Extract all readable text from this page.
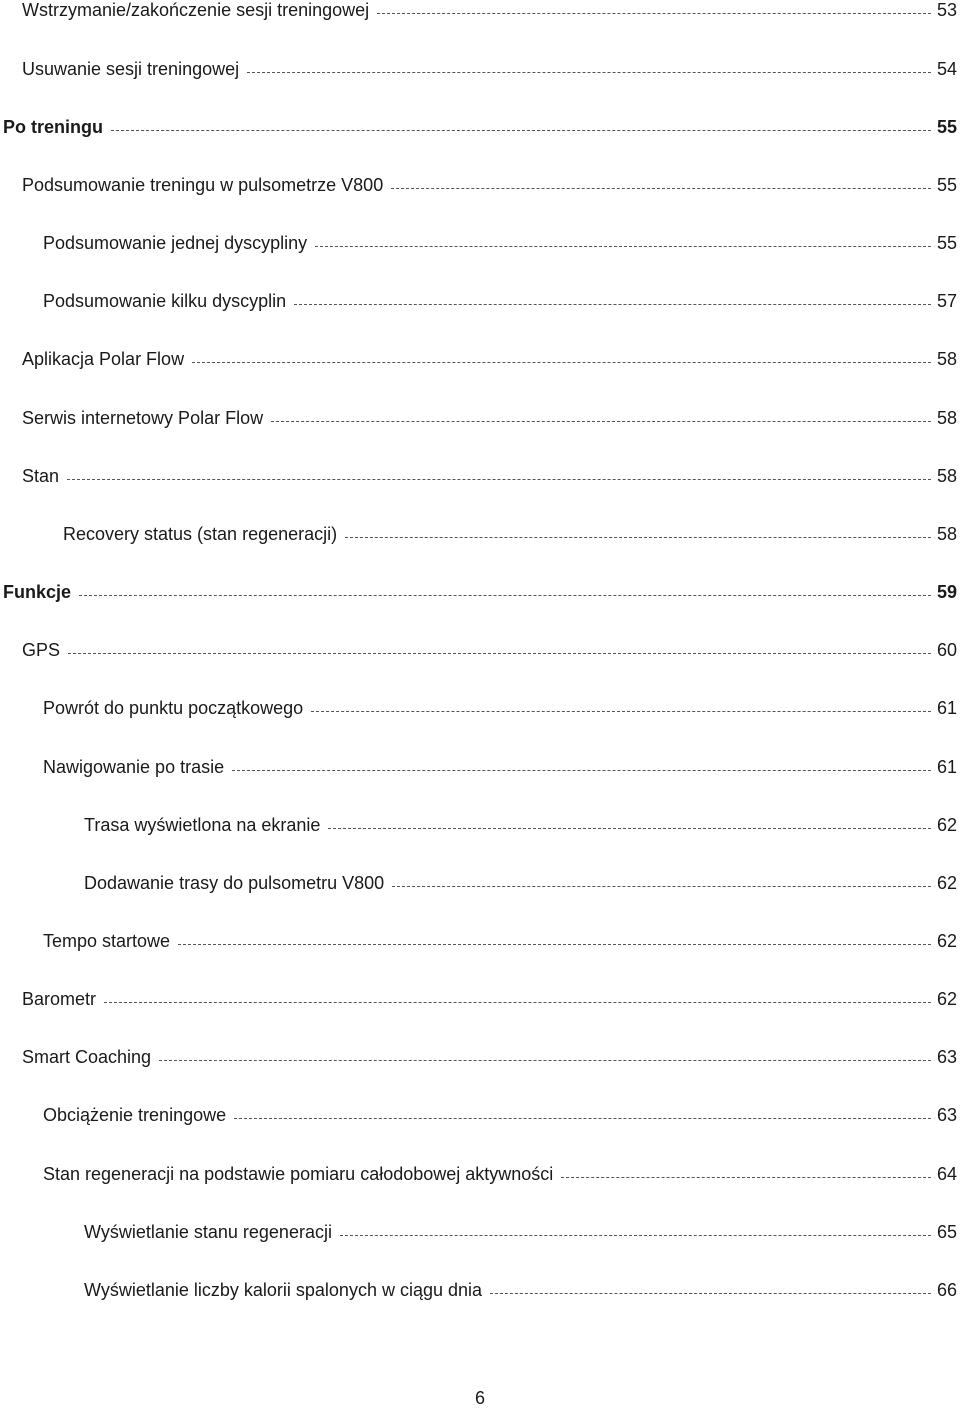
Wstrzymanie/zakończenie sesji treningowej	53
Usuwanie sesji treningowej	54
Po treningu	55
Podsumowanie treningu w pulsometrze V800	55
Podsumowanie jednej dyscypliny	55
Podsumowanie kilku dyscyplin	57
Aplikacja Polar Flow	58
Serwis internetowy Polar Flow	58
Stan	58
Recovery status (stan regeneracji)	58
Funkcje	59
GPS	60
Powrót do punktu początkowego	61
Nawigowanie po trasie	61
Trasa wyświetlona na ekranie	62
Dodawanie trasy do pulsometru V800	62
Tempo startowe	62
Barometr	62
Smart Coaching	63
Obciążenie treningowe	63
Stan regeneracji na podstawie pomiaru całodobowej aktywności	64
Wyświetlanie stanu regeneracji	65
Wyświetlanie liczby kalorii spalonych w ciągu dnia	66
6
